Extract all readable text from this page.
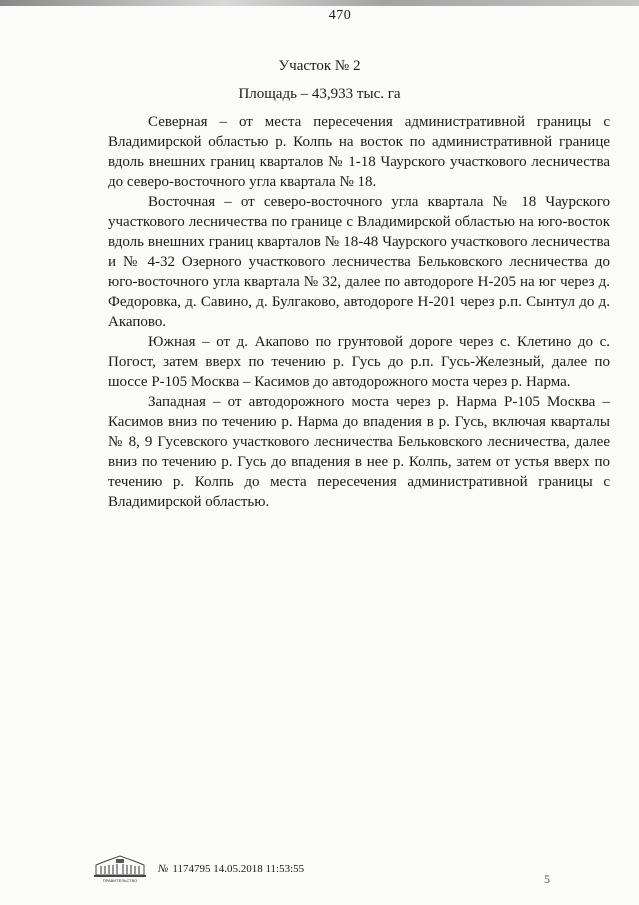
470
Участок № 2
Площадь – 43,933 тыс. га

Северная – от места пересечения административной границы с Владимирской областью р. Колпь на восток по административной границе вдоль внешних границ кварталов № 1-18 Чаурского участкового лесничества до северо-восточного угла квартала № 18.

Восточная – от северо-восточного угла квартала № 18 Чаурского участкового лесничества по границе с Владимирской областью на юго-восток вдоль внешних границ кварталов № 18-48 Чаурского участкового лесничества и № 4-32 Озерного участкового лесничества Бельковского лесничества до юго-восточного угла квартала № 32, далее по автодороге Н-205 на юг через д. Федоровка, д. Савино, д. Булгаково, автодороге Н-201 через р.п. Сынтул до д. Акапово.

Южная – от д. Акапово по грунтовой дороге через с. Клетино до с. Погост, затем вверх по течению р. Гусь до р.п. Гусь-Железный, далее по шоссе Р-105 Москва – Касимов до автодорожного моста через р. Нарма.

Западная – от автодорожного моста через р. Нарма Р-105 Москва – Касимов вниз по течению р. Нарма до впадения в р. Гусь, включая кварталы № 8, 9 Гусевского участкового лесничества Бельковского лесничества, далее вниз по течению р. Гусь до впадения в нее р. Колпь, затем от устья вверх по течению р. Колпь до места пересечения административной границы с Владимирской областью.

ПРАВИТЕЛЬСТВО
№ 1174795 14.05.2018 11:53:55
5
